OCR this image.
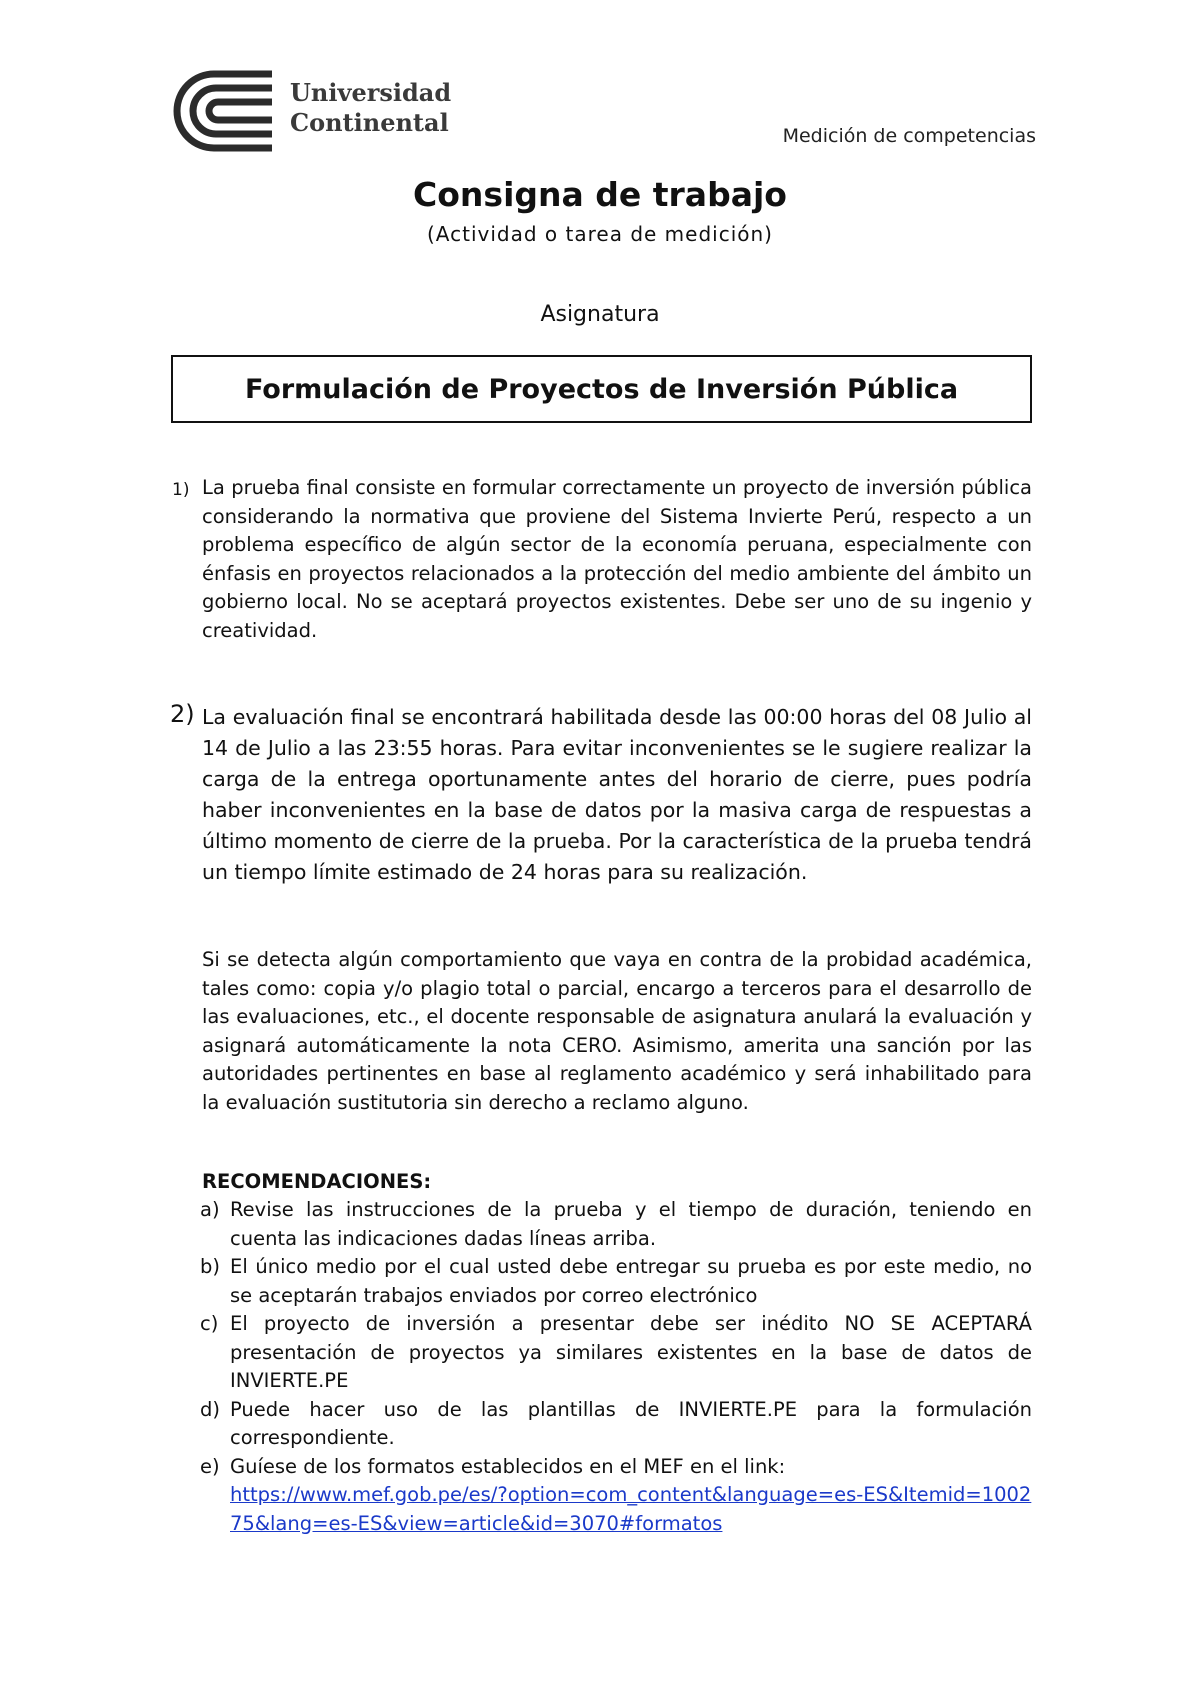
Universidad
Continental	Medición de competencias
Consigna de trabajo
(Actividad o tarea de medición)
Asignatura
Formulación de Proyectos de Inversión Pública
1) La prueba final consiste en formular correctamente un proyecto de inversión pública considerando la normativa que proviene del Sistema Invierte Perú, respecto a un problema específico de algún sector de la economía peruana, especialmente con énfasis en proyectos relacionados a la protección del medio ambiente del ámbito un gobierno local. No se aceptará proyectos existentes. Debe ser uno de su ingenio y creatividad.
2) La evaluación final se encontrará habilitada desde las 00:00 horas del 08 Julio al 14 de Julio a las 23:55 horas. Para evitar inconvenientes se le sugiere realizar la carga de la entrega oportunamente antes del horario de cierre, pues podría haber inconvenientes en la base de datos por la masiva carga de respuestas a último momento de cierre de la prueba. Por la característica de la prueba tendrá un tiempo límite estimado de 24 horas para su realización.
Si se detecta algún comportamiento que vaya en contra de la probidad académica, tales como: copia y/o plagio total o parcial, encargo a terceros para el desarrollo de las evaluaciones, etc., el docente responsable de asignatura anulará la evaluación y asignará automáticamente la nota CERO. Asimismo, amerita una sanción por las autoridades pertinentes en base al reglamento académico y será inhabilitado para la evaluación sustitutoria sin derecho a reclamo alguno.
RECOMENDACIONES:
a) Revise las instrucciones de la prueba y el tiempo de duración, teniendo en cuenta las indicaciones dadas líneas arriba.
b) El único medio por el cual usted debe entregar su prueba es por este medio, no se aceptarán trabajos enviados por correo electrónico
c) El proyecto de inversión a presentar debe ser inédito NO SE ACEPTARÁ presentación de proyectos ya similares existentes en la base de datos de INVIERTE.PE
d) Puede hacer uso de las plantillas de INVIERTE.PE para la formulación correspondiente.
e) Guíese de los formatos establecidos en el MEF en el link:
https://www.mef.gob.pe/es/?option=com_content&language=es-ES&Itemid=100275&lang=es-ES&view=article&id=3070#formatos
